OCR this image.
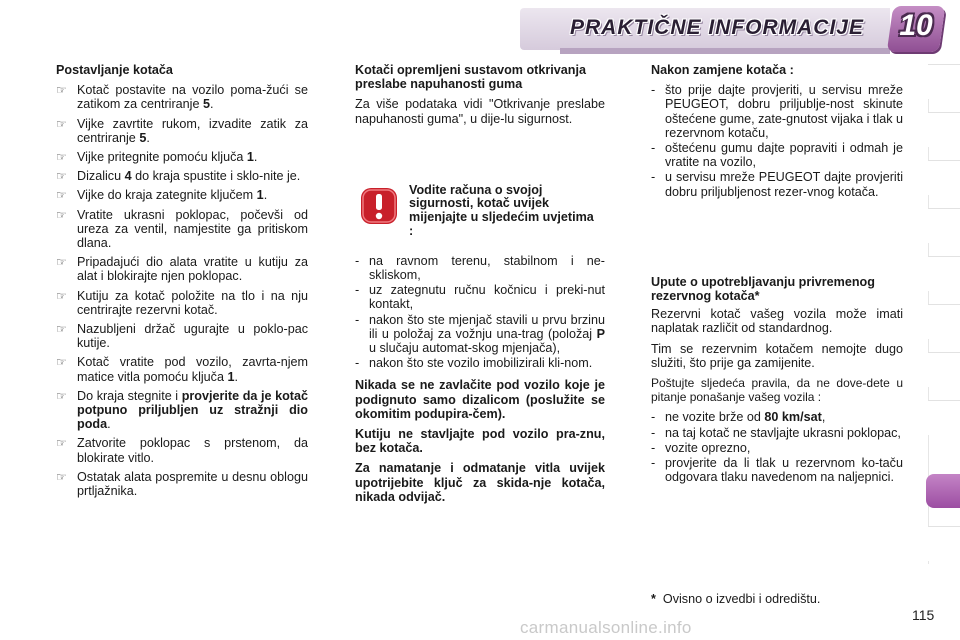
PRAKTIČNE INFORMACIJE 10
Postavljanje kotača
☞ Kotač postavite na vozilo poma-žući se zatikom za centriranje 5.
☞ Vijke zavrtite rukom, izvadite zatik za centriranje 5.
☞ Vijke pritegnite pomoću ključa 1.
☞ Dizalicu 4 do kraja spustite i sklo-nite je.
☞ Vijke do kraja zategnite ključem 1.
☞ Vratite ukrasni poklopac, počevši od ureza za ventil, namjestite ga pritiskom dlana.
☞ Pripadajući dio alata vratite u kutiju za alat i blokirajte njen poklopac.
☞ Kutiju za kotač položite na tlo i na nju centrirajte rezervni kotač.
☞ Nazubljeni držač ugurajte u poklo-pac kutije.
☞ Kotač vratite pod vozilo, zavrta-njem matice vitla pomoću ključa 1.
☞ Do kraja stegnite i provjerite da je kotač potpuno priljubljen uz stražnji dio poda.
☞ Zatvorite poklopac s prstenom, da blokirate vitlo.
☞ Ostatak alata pospremite u desnu oblogu prtljažnika.
Kotači opremljeni sustavom otkrivanja preslabe napuhanosti guma
Za više podataka vidi "Otkrivanje preslabe napuhanosti guma", u dije-lu sigurnost.
Vodite računa o svojoj sigurnosti, kotač uvijek mijenjajte u sljedećim uvjetima :
- na ravnom terenu, stabilnom i ne-skliskom,
- uz zategnutu ručnu kočnicu i preki-nut kontakt,
- nakon što ste mjenjač stavili u prvu brzinu ili u položaj za vožnju una-trag (položaj P u slučaju automat-skog mjenjača),
- nakon što ste vozilo imobilizirali kli-nom.
Nikada se ne zavlačite pod vozilo koje je podignuto samo dizalicom (poslužite se okomitim podupira-čem).
Kutiju ne stavljajte pod vozilo pra-znu, bez kotača.
Za namatanje i odmatanje vitla uvijek upotrijebite ključ za skida-nje kotača, nikada odvijač.
Nakon zamjene kotača :
- što prije dajte provjeriti, u servisu mreže PEUGEOT, dobru priljublje-nost skinute oštećene gume, zate-gnutost vijaka i tlak u rezervnom kotaču,
- oštećenu gumu dajte popraviti i odmah je vratite na vozilo,
- u servisu mreže PEUGEOT dajte provjeriti dobru priljubljenost rezer-vnog kotača.
Upute o upotrebljavanju privremenog rezervnog kotača*
Rezervni kotač vašeg vozila može imati naplatak različit od standardnog.
Tim se rezervnim kotačem nemojte dugo služiti, što prije ga zamijenite.
Poštujte sljedeća pravila, da ne dove-dete u pitanje ponašanje vašeg vozila :
- ne vozite brže od 80 km/sat,
- na taj kotač ne stavljajte ukrasni poklopac,
- vozite oprezno,
- provjerite da li tlak u rezervnom ko-taču odgovara tlaku navedenom na naljepnici.
* Ovisno o izvedbi i odredištu.
115
carmanualsonline.info
